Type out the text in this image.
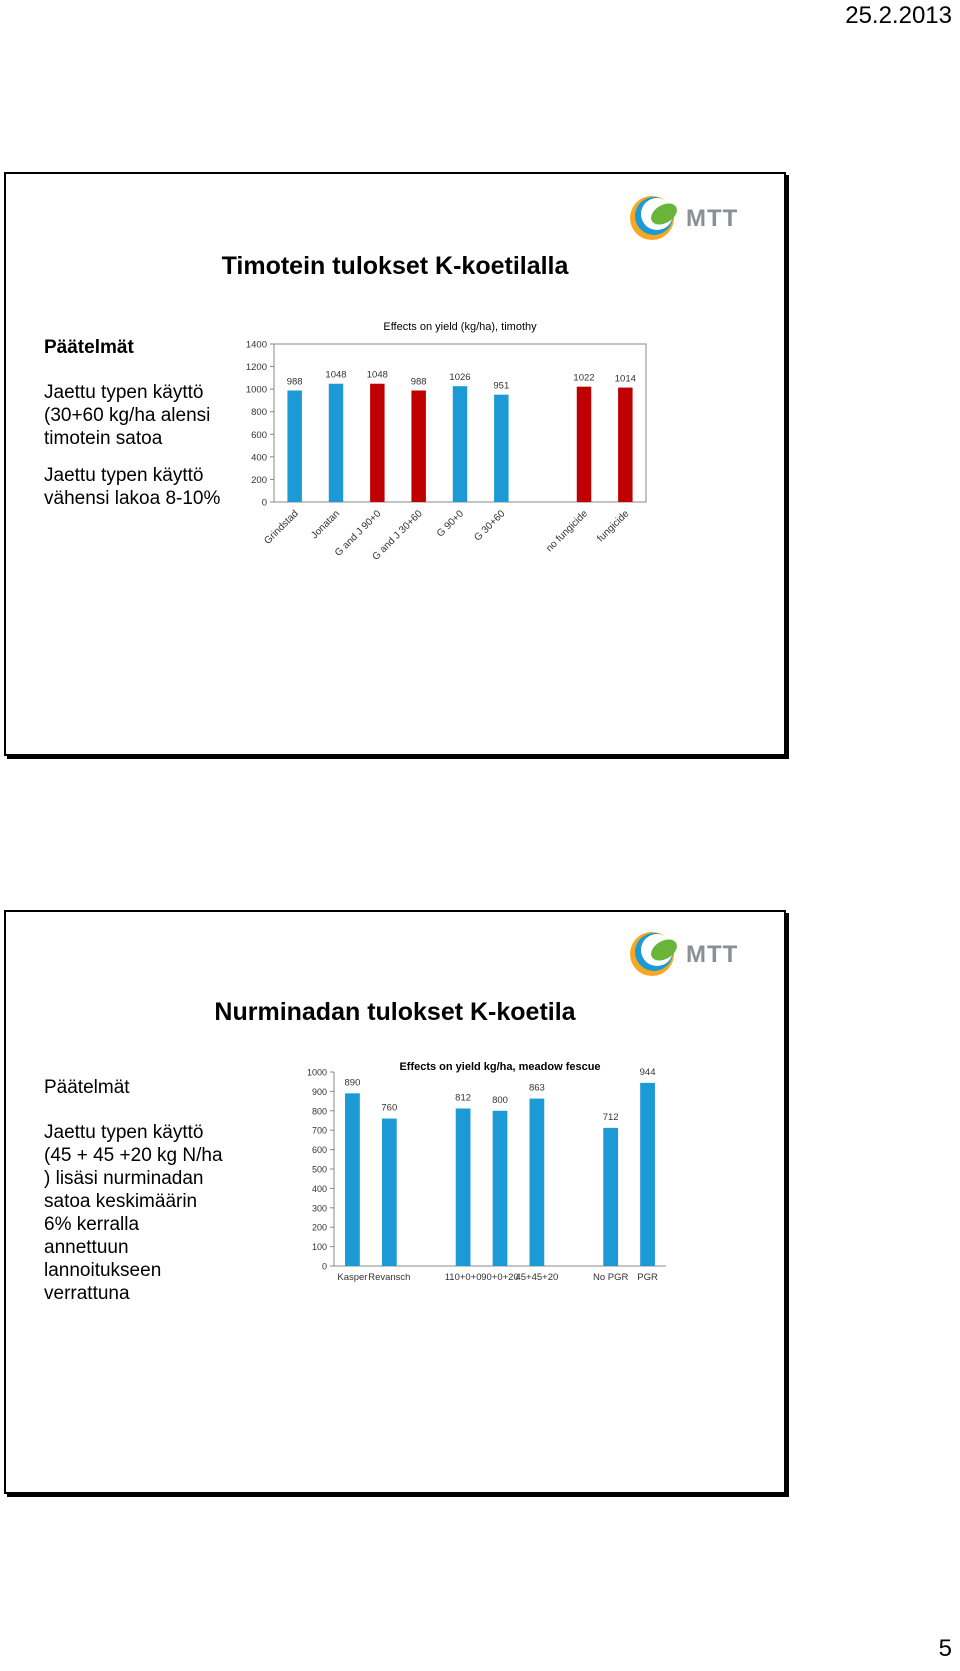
25.2.2013
MTT
Timotein tulokset K-koetilalla
Päätelmät
Jaettu typen käyttö (30+60 kg/ha alensi timotein satoa
Jaettu typen käyttö vähensi lakoa 8-10%
Effects on yield (kg/ha), timothy
0
200
400
600
800
1000
1200
1400
988
Grindstad
1048
Jonatan
1048
G and J 90+0
988
G and J 30+60
1026
G 90+0
951
G 30+60
1022
no fungicide
1014
fungicide
MTT
Nurminadan tulokset K-koetila
Päätelmät
Jaettu typen käyttö (45 + 45 +20 kg N/ha ) lisäsi nurminadan satoa keskimäärin 6% kerralla annettuun lannoitukseen verrattuna
Effects on yield kg/ha, meadow fescue
0
100
200
300
400
500
600
700
800
900
1000
890
Kasper
760
Revansch
812
110+0+0
800
90+0+20
863
45+45+20
712
No PGR
944
PGR
5
